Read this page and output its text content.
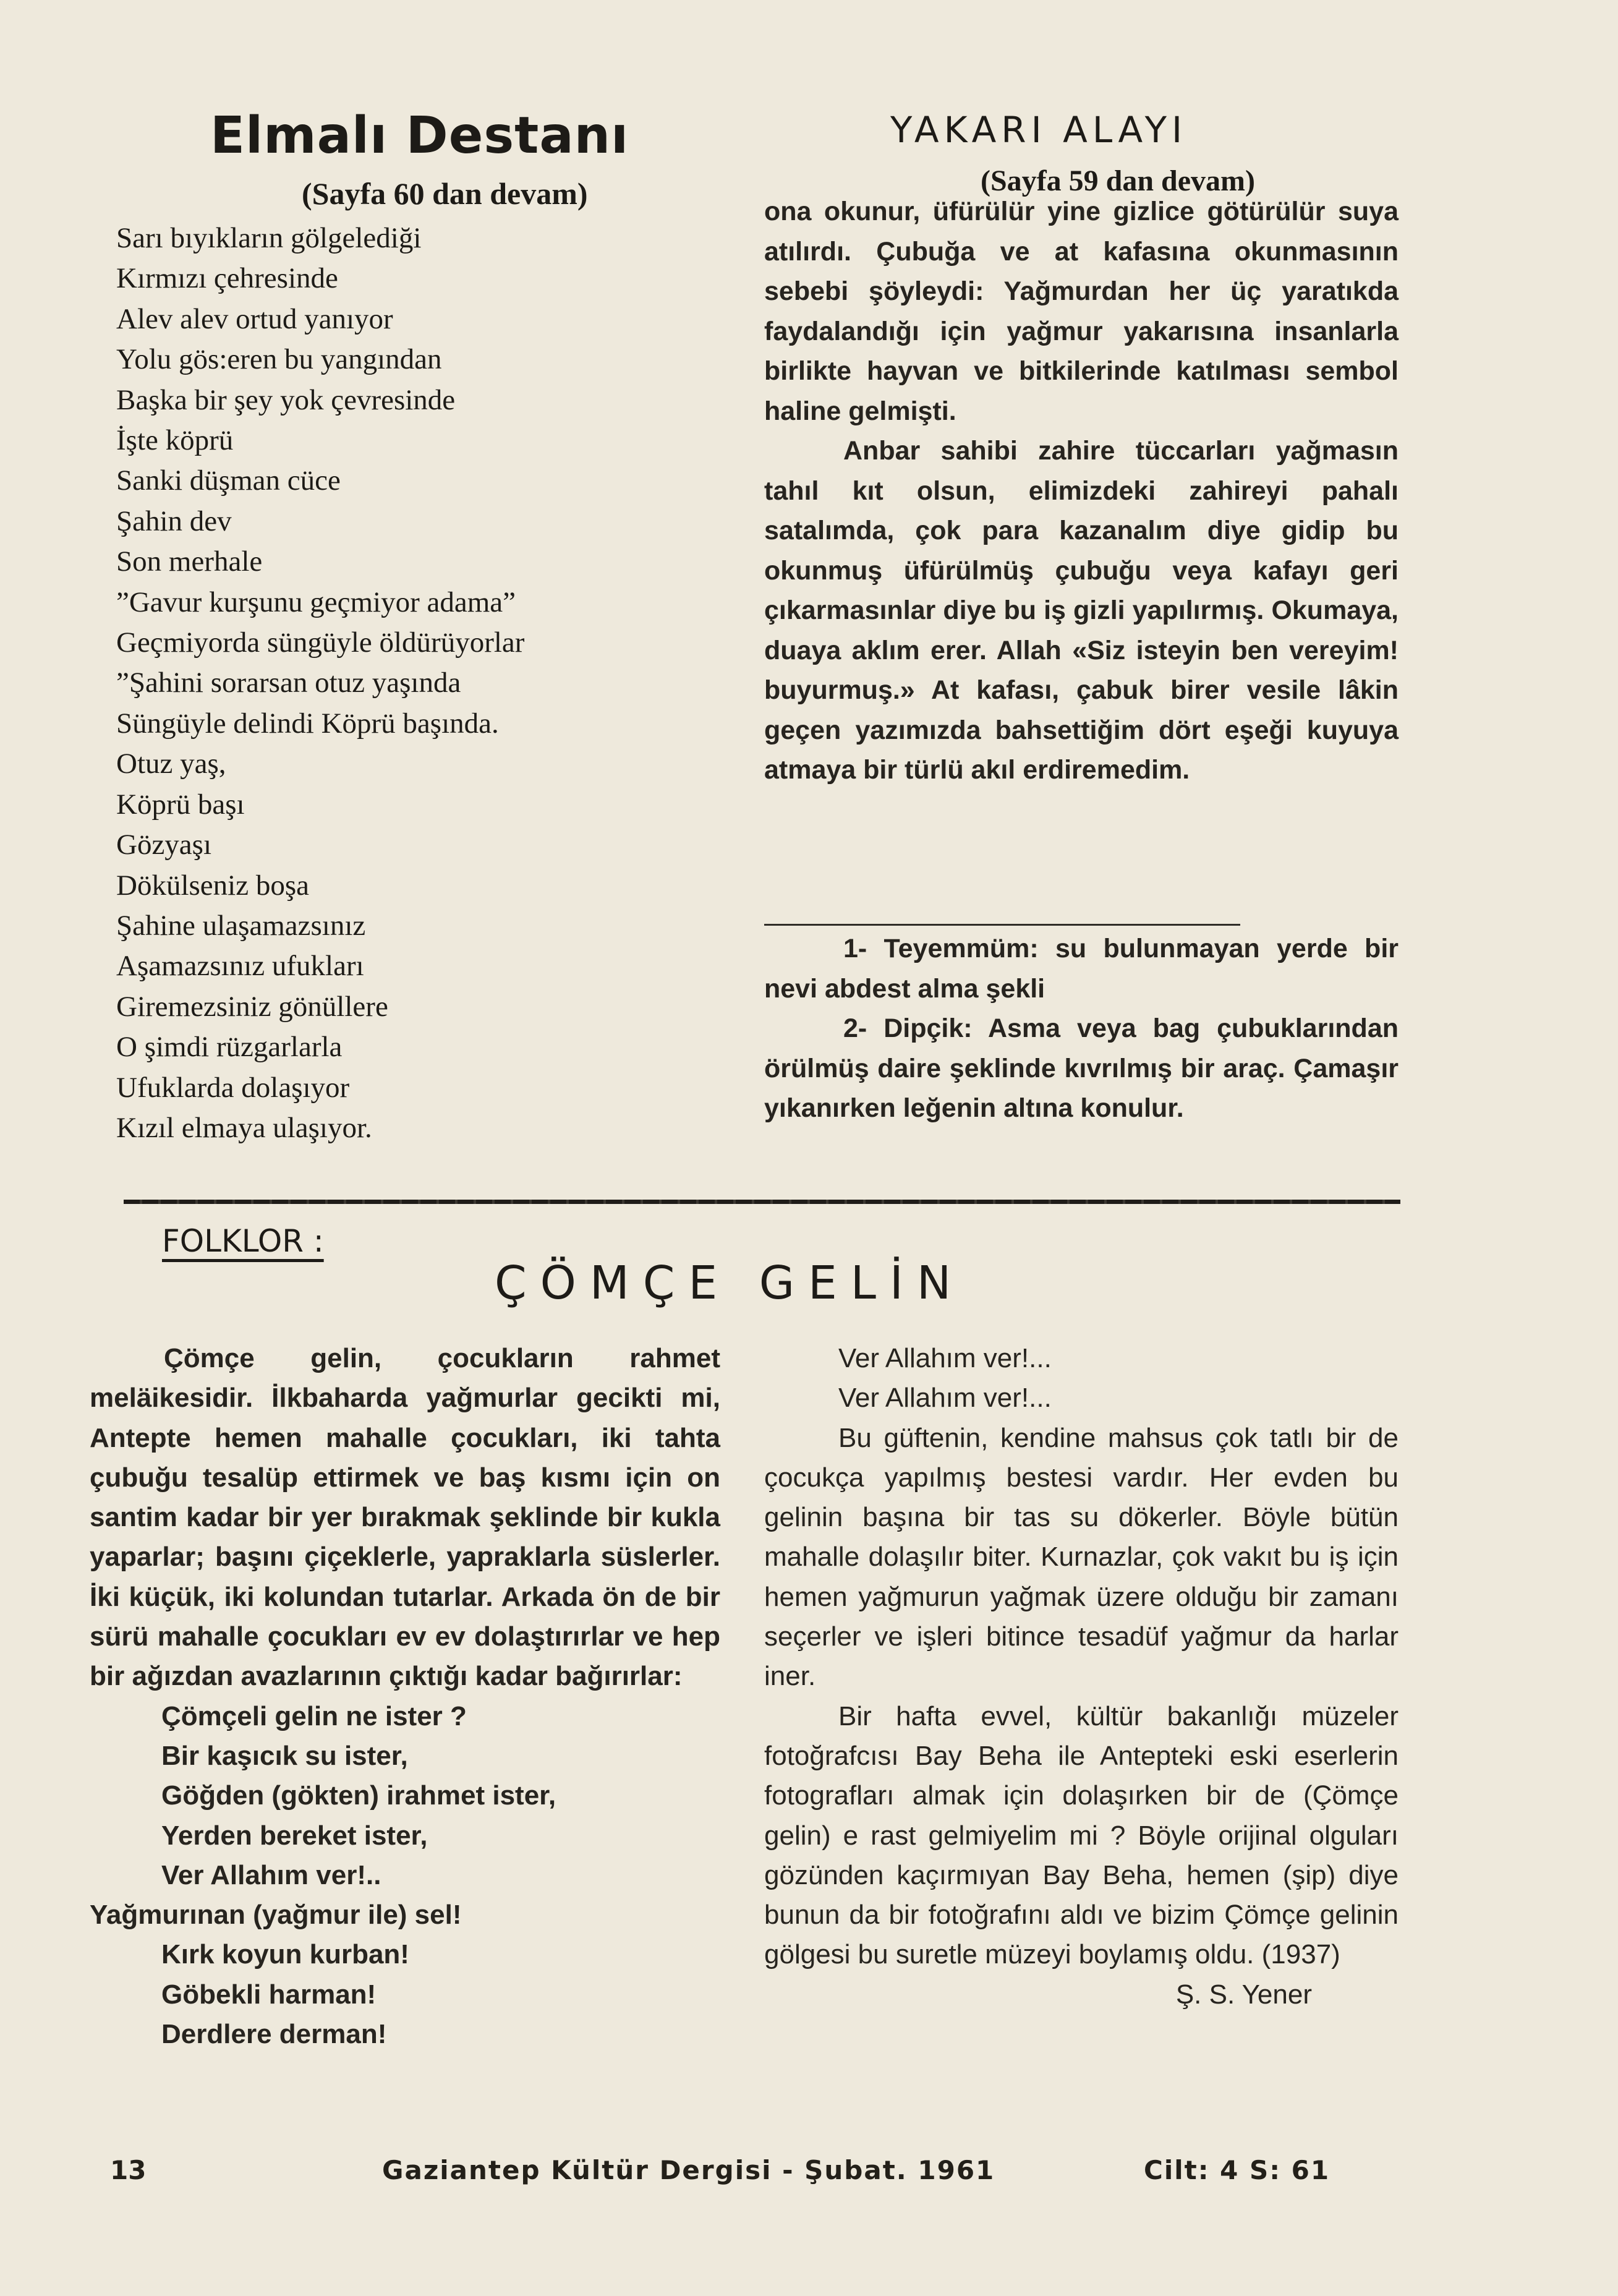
Elmalı Destanı
(Sayfa 60 dan devam)
Sarı bıyıkların gölgelediği
Kırmızı çehresinde
Alev alev ortud yanıyor
Yolu gös:eren bu yangından
Başka bir şey yok çevresinde
İşte köprü
Sanki düşman cüce
Şahin dev
Son merhale
”Gavur kurşunu geçmiyor adama”
Geçmiyorda süngüyle öldürüyorlar
”Şahini sorarsan otuz yaşında
Süngüyle delindi Köprü başında.
Otuz yaş,
Köprü başı
Gözyaşı
Dökülseniz boşa
Şahine ulaşamazsınız
Aşamazsınız ufukları
Giremezsiniz gönüllere
O şimdi rüzgarlarla
Ufuklarda dolaşıyor
Kızıl elmaya ulaşıyor.
YAKARI ALAYI
(Sayfa 59 dan devam)

ona okunur, üfürülür yine gizlice götürülür suya atılırdı. Çubuğa ve at kafasına okunmasının sebebi şöyleydi: Yağmurdan her üç yaratıkda faydalandığı için yağmur yakarısına insanlarla birlikte hayvan ve bitkilerinde katılması sembol haline gelmişti.

Anbar sahibi zahire tüccarları yağmasın tahıl kıt olsun, elimizdeki zahireyi pahalı satalımda, çok para kazanalım diye gidip bu okunmuş üfürülmüş çubuğu veya kafayı geri çıkarmasınlar diye bu iş gizli yapılırmış. Okumaya, duaya aklım erer. Allah «Siz isteyin ben vereyim! buyurmuş.» At kafası, çabuk birer vesile lâkin geçen yazımızda bahsettiğim dört eşeği kuyuya atmaya bir türlü akıl erdiremedim.

1- Teyemmüm: su bulunmayan yerde bir nevi abdest alma şekli

2- Dipçik: Asma veya bag çubuklarından örülmüş daire şeklinde kıvrılmış bir araç. Çamaşır yıkanırken leğenin altına konulur.

FOLKLOR :
ÇÖMÇE GELİN

Çömçe gelin, çocukların rahmet meläikesidir. İlkbaharda yağmurlar gecikti mi, Antepte hemen mahalle çocukları, iki tahta çubuğu tesalüp ettirmek ve baş kısmı için on santim kadar bir yer bırakmak şeklinde bir kukla yaparlar; başını çiçeklerle, yapraklarla süslerler. İki küçük, iki kolundan tutarlar. Arkada ön de bir sürü mahalle çocukları ev ev dolaştırırlar ve hep bir ağızdan avazlarının çıktığı kadar bağırırlar:

Çömçeli gelin ne ister ?

Bir kaşıcık su ister,

Göğden (gökten) irahmet ister,

Yerden bereket ister,

Ver Allahım ver!..

Yağmurınan (yağmur ile) sel!

Kırk koyun kurban!

Göbekli harman!

Derdlere derman!

Ver Allahım ver!...

Ver Allahım ver!...

Bu güftenin, kendine mahsus çok tatlı bir de çocukça yapılmış bestesi vardır. Her evden bu gelinin başına bir tas su dökerler. Böyle bütün mahalle dolaşılır biter. Kurnazlar, çok vakıt bu iş için hemen yağmurun yağmak üzere olduğu bir zamanı seçerler ve işleri bitince tesadüf yağmur da harlar iner.

Bir hafta evvel, kültür bakanlığı müzeler fotoğrafcısı Bay Beha ile Antepteki eski eserlerin fotografları almak için dolaşırken bir de (Çömçe gelin) e rast gelmiyelim mi ? Böyle orijinal olguları gözünden kaçırmıyan Bay Beha, hemen (şip) diye bunun da bir fotoğrafını aldı ve bizim Çömçe gelinin gölgesi bu suretle müzeyi boylamış oldu. (1937)

Ş. S. Yener

13	Gaziantep Kültür Dergisi - Şubat. 1961	Cilt: 4 S: 61
